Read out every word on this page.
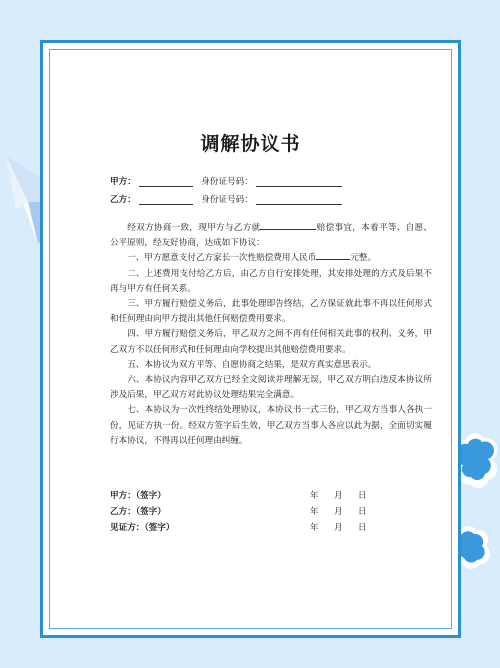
调解协议书
甲方：	身份证号码：
乙方：	身份证号码：

经双方协商一致，现甲方与乙方就	赔偿事宜，本着平等、自愿、公平原则，经友好协商，达成如下协议：

一、甲方愿意支付乙方家长一次性赔偿费用人民币	元整。

二、上述费用支付给乙方后，由乙方自行安排处理，其安排处理的方式及后果不再与甲方有任何关系。

三、甲方履行赔偿义务后，此事处理即告终结，乙方保证就此事不再以任何形式和任何理由向甲方提出其他任何赔偿费用要求。

四、甲方履行赔偿义务后，甲乙双方之间不再有任何相关此事的权利、义务，甲乙双方不以任何形式和任何理由向学校提出其他赔偿费用要求。

五、本协议为双方平等、自愿协商之结果，是双方真实意思表示。

六、本协议内容甲乙双方已经全文阅读并理解无误，甲乙双方明白违反本协议所涉及后果，甲乙双方对此协议处理结果完全满意。

七、本协议为一次性终结处理协议，本协议书一式三份，甲乙双方当事人各执一份，见证方执一份。经双方签字后生效，甲乙双方当事人各应以此为据，全面切实履行本协议，不得再以任何理由纠缠。

甲方：（签字）	年 月 日
乙方：（签字）	年 月 日
见证方：（签字）	年 月 日
